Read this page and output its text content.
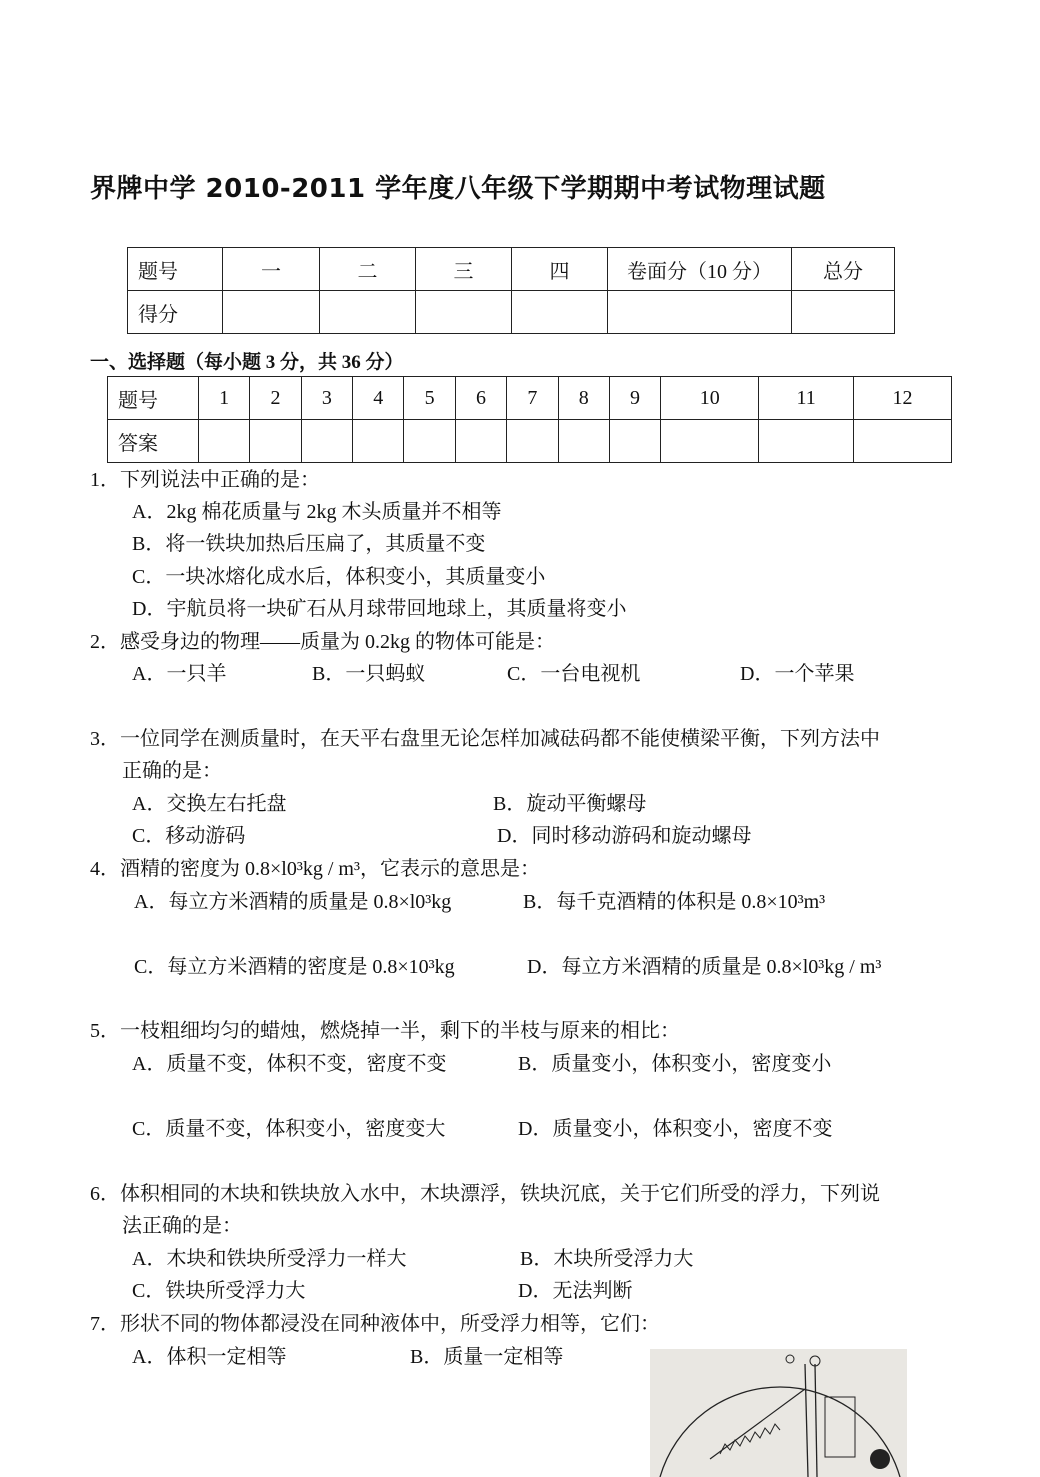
界牌中学 2010-2011 学年度八年级下学期期中考试物理试题
题号	一	二	三	四	卷面分（10 分）	总分
得分						
一、选择题（每小题 3 分，共 36 分）
题号	1	2	3	4	5	6	7	8	9	10	11	12
答案												
1．下列说法中正确的是：
A．2kg 棉花质量与 2kg 木头质量并不相等
B．将一铁块加热后压扁了，其质量不变
C．一块冰熔化成水后，体积变小，其质量变小
D．宇航员将一块矿石从月球带回地球上，其质量将变小
2．感受身边的物理——质量为 0.2kg 的物体可能是：
A．一只羊	B．一只蚂蚁	C．一台电视机	D．一个苹果
3．一位同学在测质量时，在天平右盘里无论怎样加减砝码都不能使横梁平衡，下列方法中
正确的是：
A．交换左右托盘	B．旋动平衡螺母
C．移动游码	D．同时移动游码和旋动螺母
4．酒精的密度为 0.8×l0³kg / m³，它表示的意思是：
A．每立方米酒精的质量是 0.8×l0³kg	B．每千克酒精的体积是 0.8×10³m³
C．每立方米酒精的密度是 0.8×10³kg	D．每立方米酒精的质量是 0.8×l0³kg / m³
5．一枝粗细均匀的蜡烛，燃烧掉一半，剩下的半枝与原来的相比：
A．质量不变，体积不变，密度不变	B．质量变小，体积变小，密度变小
C．质量不变，体积变小，密度变大	D．质量变小，体积变小，密度不变
6．体积相同的木块和铁块放入水中，木块漂浮，铁块沉底，关于它们所受的浮力，下列说
法正确的是：
A．木块和铁块所受浮力一样大	B．木块所受浮力大
C．铁块所受浮力大	D．无法判断
7．形状不同的物体都浸没在同种液体中，所受浮力相等，它们：
A．体积一定相等	B．质量一定相等
